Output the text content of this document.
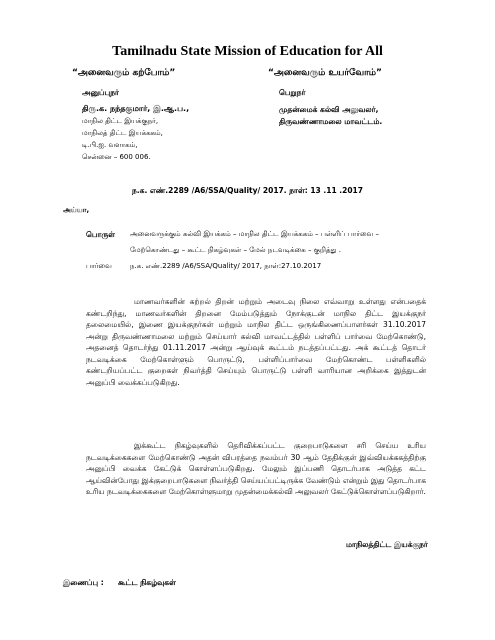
Tamilnadu State Mission of Education for All
“அனைவரும் கற்போம்”	“அனைவரும் உயர்வோம்”
அனுப்புநர்
திரு.க. நந்தகுமார், இ.ஆ.ப.,
மாநில திட்ட இயக்குநர்,
மாநிலத் திட்ட இயக்ககம்,
டி.பி.ஐ. வளாகம்,
சென்னை – 600 006.
பெறுநர்
முதன்மைக் கல்வி அலுவலர்,
திருவண்ணாமலை மாவட்டம்.
ந.க. எண்.2289 /A6/SSA/Quality/ 2017. நாள்: 13 .11 .2017
அய்யா,
பொருள் அனைவருக்கும் கல்வி இயக்கம் – மாநில திட்ட இயக்ககம் – பள்ளிப் பார்வை –
மேற்கொண்டது – கூட்ட நிகழ்வுகள் – மேல் நடவடிக்கை – குறித்து .
பார்வை	ந.க. எண்.2289 /A6/SSA/Quality/ 2017, நாள்:27.10.2017
மாணவர்களின் கற்றல் திறன் மற்றும் அடைவு நிலை எவ்வாறு உள்ளது என்பதைக் கண்டறிந்து, மாணவர்களின் திறனை மேம்படுத்தும் நோக்குடன் மாநில திட்ட இயக்குநர் தலைமையில், இணை இயக்குநர்கள் மற்றும் மாநில திட்ட ஒருங்கிணைப்பாளர்கள் 31.10.2017 அன்று திருவண்ணாமலை மற்றும் செய்யார் கல்வி மாவட்டத்தில் பள்ளிப் பார்வை மேற்கொண்டு, அதனைத் தொடர்ந்து 01.11.2017 அன்று ஆய்வுக் கூட்டம் நடத்தப்பட்டது. அக் கூட்டத் தொடர் நடவடிக்கை மேற்கொள்ளும் பொருட்டு, பள்ளிப்பார்வை மேற்கொண்ட பள்ளிகளில் கண்டறியப்பட்ட குறைகள் நிவர்த்தி செய்யும் பொருட்டு பள்ளி வாரியான அறிக்கை இத்துடன் அனுப்பி வைக்கப்படுகிறது.
இக்கூட்ட நிகழ்வுகளில் தெரிவிக்கப்பட்ட குறைபாடுகளை சரி செய்ய உரிய நடவடிக்கைகளை மேற்கொண்டு அதன் விபரத்தை நவம்பர் 30 ஆம் தேதிக்குள் இவ்வியக்ககத்திற்கு அனுப்பி வைக்க கேட்டுக் கொள்ளப்படுகிறது. மேலும் இப்பணி தொடர்பாக அடுத்த கட்ட ஆய்வின்போது இக்குறைபாடுகளை நிவர்த்தி செய்யப்பட்டிருக்க வேண்டும் என்றும் இது தொடர்பாக உரிய நடவடிக்கைகளை மேற்கொள்ளுமாறு முதன்மைக்கல்வி அலுவலர் கேட்டுக்கொள்ளப்படுகிறார்.
மாநிலத்திட்ட இயக்குநர்
இணைப்பு : கூட்ட நிகழ்வுகள்
